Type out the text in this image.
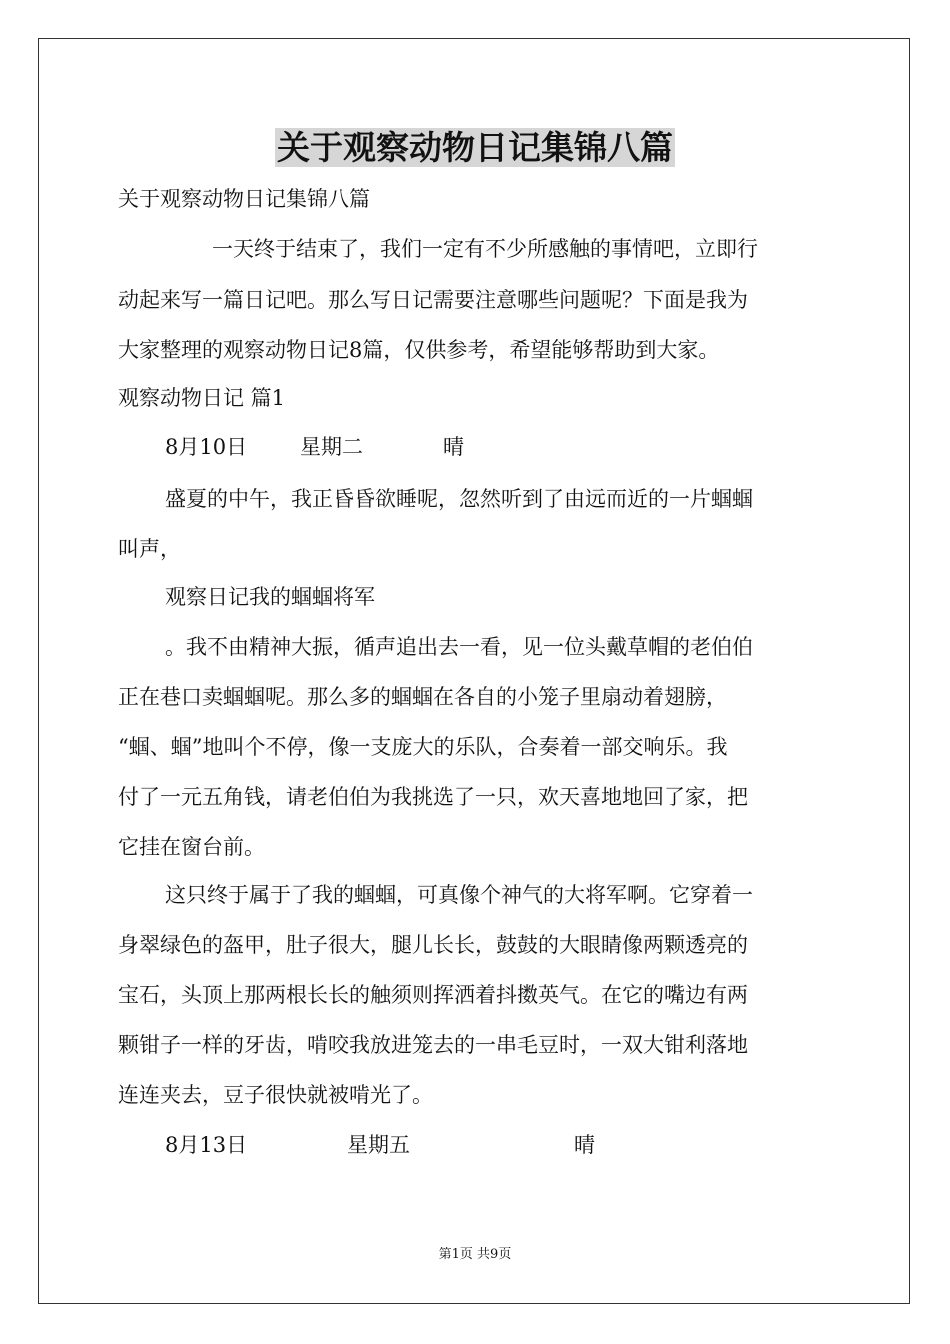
关于观察动物日记集锦八篇

关于观察动物日记集锦八篇

一天终于结束了，我们一定有不少所感触的事情吧，立即行

动起来写一篇日记吧。那么写日记需要注意哪些问题呢？下面是我为

大家整理的观察动物日记8篇，仅供参考，希望能够帮助到大家。

观察动物日记 篇1

8月10日	星期二	晴

盛夏的中午，我正昏昏欲睡呢，忽然听到了由远而近的一片蝈蝈

叫声，

观察日记我的蝈蝈将军

。我不由精神大振，循声追出去一看，见一位头戴草帽的老伯伯

正在巷口卖蝈蝈呢。那么多的蝈蝈在各自的小笼子里扇动着翅膀，

“蝈、蝈”地叫个不停，像一支庞大的乐队，合奏着一部交响乐。我

付了一元五角钱，请老伯伯为我挑选了一只，欢天喜地地回了家，把

它挂在窗台前。

这只终于属于了我的蝈蝈，可真像个神气的大将军啊。它穿着一

身翠绿色的盔甲，肚子很大，腿儿长长，鼓鼓的大眼睛像两颗透亮的

宝石，头顶上那两根长长的触须则挥洒着抖擞英气。在它的嘴边有两

颗钳子一样的牙齿，啃咬我放进笼去的一串毛豆时，一双大钳利落地

连连夹去，豆子很快就被啃光了。

8月13日	星期五	晴

第1页 共9页
